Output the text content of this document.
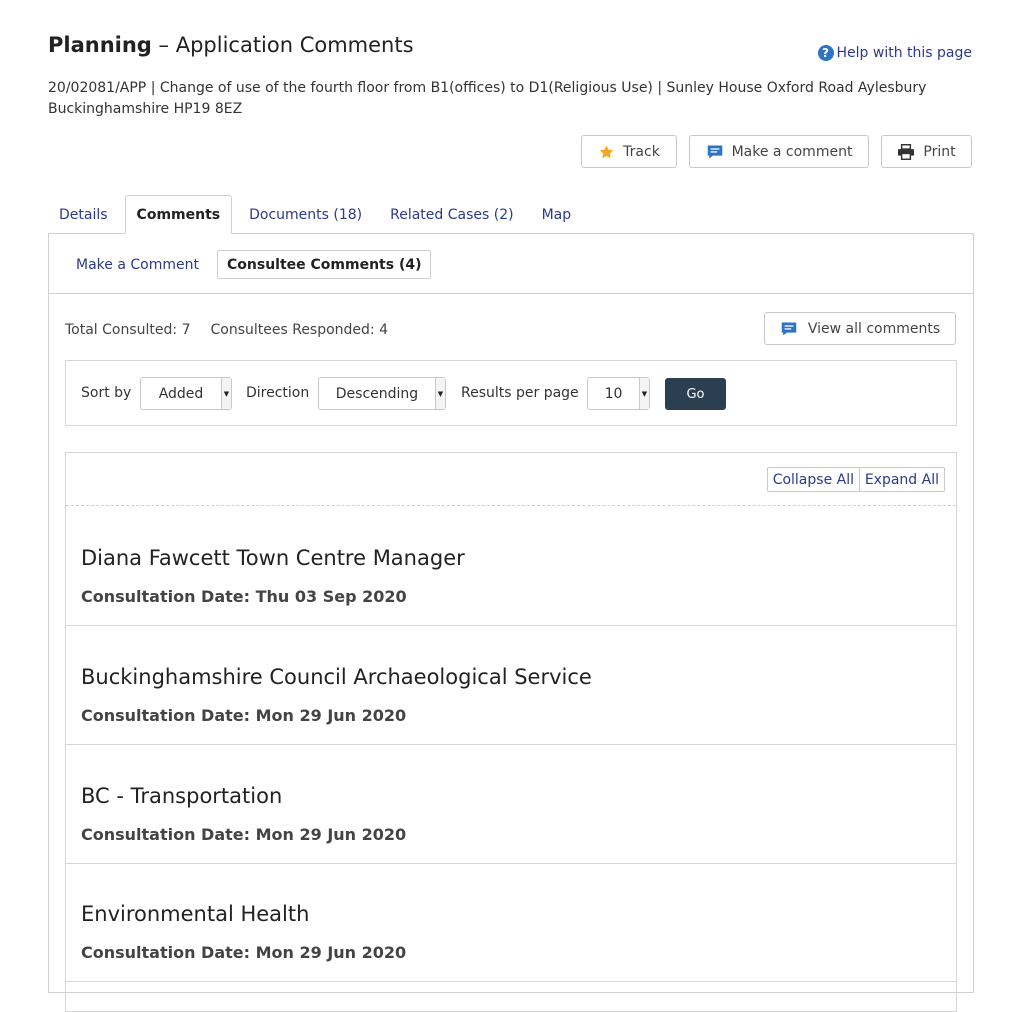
Planning – Application Comments	? Help with this page

20/02081/APP | Change of use of the fourth floor from B1(offices) to D1(Religious Use) | Sunley House Oxford Road Aylesbury Buckinghamshire HP19 8EZ

Track	Make a comment	Print
Details	Comments	Documents (18)	Related Cases (2)	Map
Make a Comment	Consultee Comments (4)
Total Consulted: 7 Consultees Responded: 4	View all comments
Sort by	Added	▼ Direction	Descending	▼ Results per page	10	▼	Go
Collapse All Expand All
Diana Fawcett Town Centre Manager

Consultation Date: Thu 03 Sep 2020

Buckinghamshire Council Archaeological Service

Consultation Date: Mon 29 Jun 2020

BC - Transportation

Consultation Date: Mon 29 Jun 2020

Environmental Health

Consultation Date: Mon 29 Jun 2020
